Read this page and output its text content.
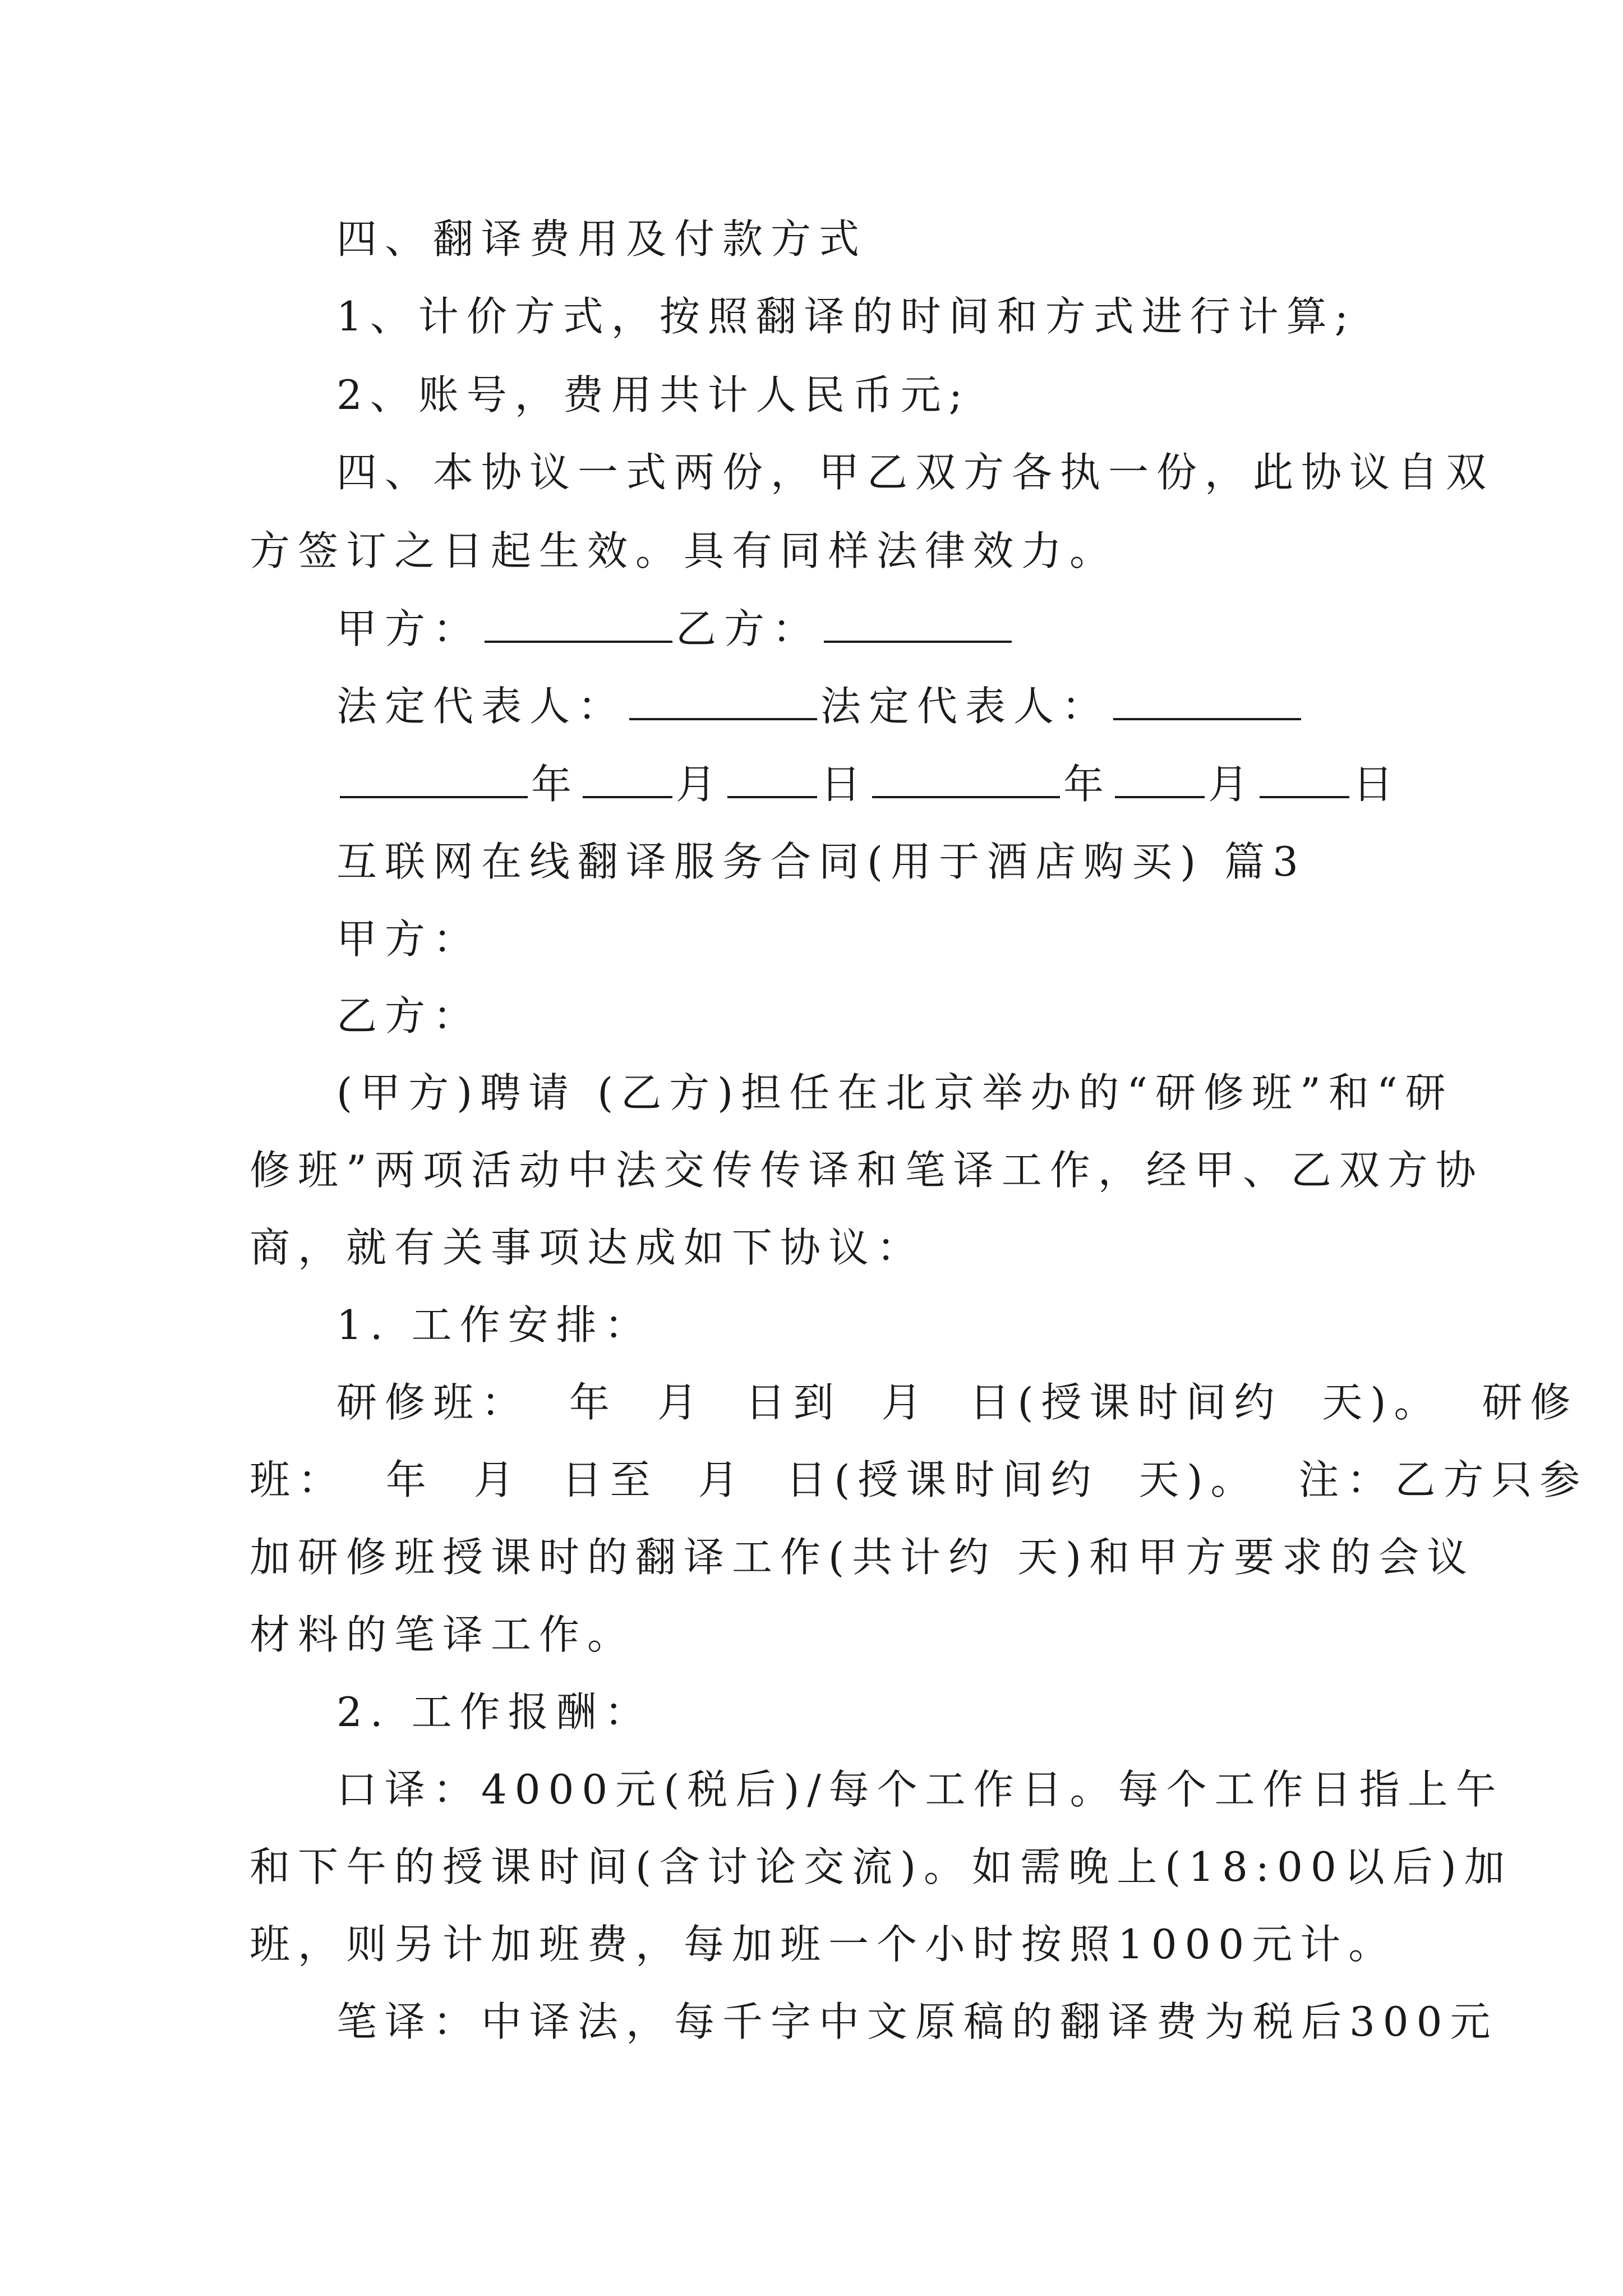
四、翻译费用及付款方式

1、计价方式，按照翻译的时间和方式进行计算;

2、账号，费用共计人民币元;

四、本协议一式两份，甲乙双方各执一份，此协议自双

方签订之日起生效。具有同样法律效力。

甲方：	乙方：

法定代表人：	法定代表人：

年 月 日	年 月 日

互联网在线翻译服务合同(用于酒店购买) 篇3

甲方：

乙方：

(甲方)聘请 (乙方)担任在北京举办的“研修班”和“研

修班”两项活动中法交传传译和笔译工作，经甲、乙双方协

商，就有关事项达成如下协议：

1. 工作安排：

研修班： 年 月 日到 月 日(授课时间约 天)。 研修

班： 年 月 日至 月 日(授课时间约 天)。 注：乙方只参

加研修班授课时的翻译工作(共计约 天)和甲方要求的会议

材料的笔译工作。

2. 工作报酬：

口译：4000元(税后)/每个工作日。每个工作日指上午

和下午的授课时间(含讨论交流)。如需晚上(18:00以后)加

班，则另计加班费，每加班一个小时按照1000元计。

笔译：中译法，每千字中文原稿的翻译费为税后300元
